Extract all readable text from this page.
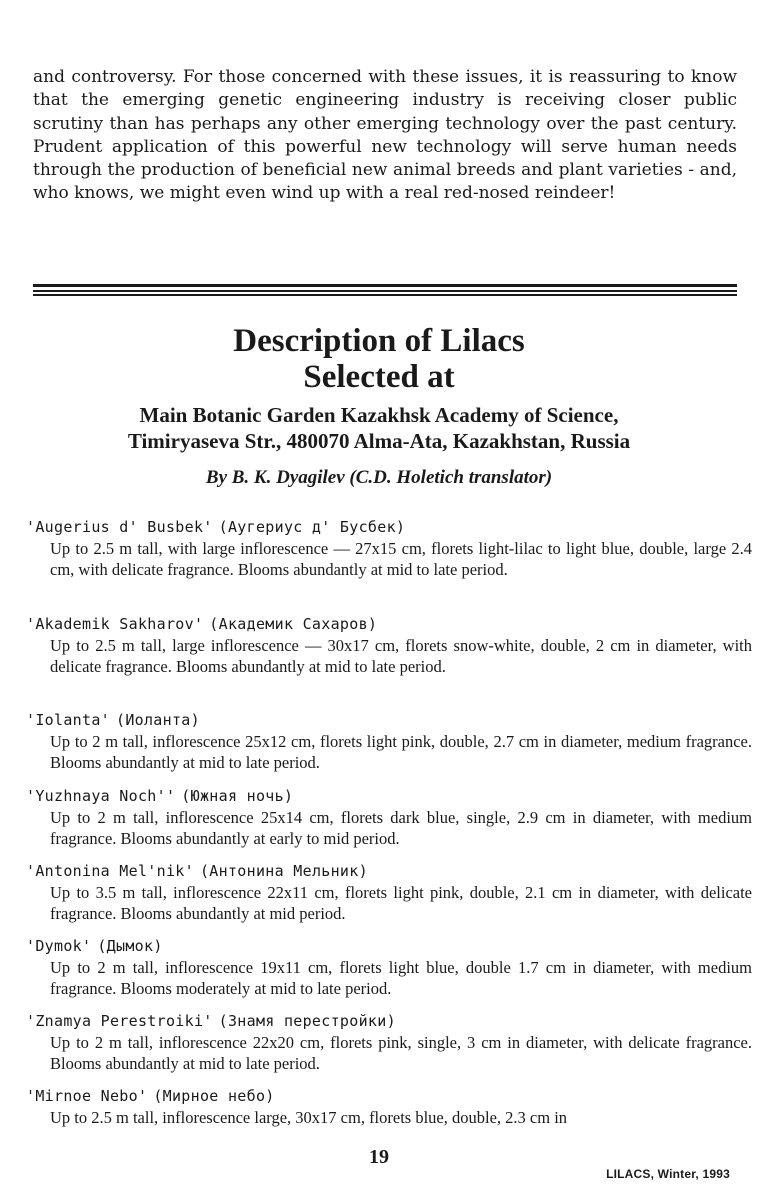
and controversy. For those concerned with these issues, it is reassuring to know that the emerging genetic engineering industry is receiving closer public scrutiny than has perhaps any other emerging technology over the past century. Prudent application of this powerful new technology will serve human needs through the production of beneficial new animal breeds and plant varieties - and, who knows, we might even wind up with a real red-nosed reindeer!

Description of Lilacs
Selected at
Main Botanic Garden Kazakhsk Academy of Science,
Timiryaseva Str., 480070 Alma-Ata, Kazakhstan, Russia

By B. K. Dyagilev (C.D. Holetich translator)

'Augerius d' Busbek' (Аугериус д' Бусбек)
Up to 2.5 m tall, with large inflorescence — 27x15 cm, florets light-lilac to light blue, double, large 2.4 cm, with delicate fragrance. Blooms abundantly at mid to late period.
'Akademik Sakharov' (Академик Сахаров)
Up to 2.5 m tall, large inflorescence — 30x17 cm, florets snow-white, double, 2 cm in diameter, with delicate fragrance. Blooms abundantly at mid to late period.
'Iolanta' (Иоланта)
Up to 2 m tall, inflorescence 25x12 cm, florets light pink, double, 2.7 cm in diameter, medium fragrance. Blooms abundantly at mid to late period.
'Yuzhnaya Noch'' (Южная ночь)
Up to 2 m tall, inflorescence 25x14 cm, florets dark blue, single, 2.9 cm in diameter, with medium fragrance. Blooms abundantly at early to mid period.
'Antonina Mel'nik' (Антонина Мельник)
Up to 3.5 m tall, inflorescence 22x11 cm, florets light pink, double, 2.1 cm in diameter, with delicate fragrance. Blooms abundantly at mid period.
'Dymok' (Дымок)
Up to 2 m tall, inflorescence 19x11 cm, florets light blue, double 1.7 cm in diameter, with medium fragrance. Blooms moderately at mid to late period.
'Znamya Perestroiki' (Знамя перестройки)
Up to 2 m tall, inflorescence 22x20 cm, florets pink, single, 3 cm in diameter, with delicate fragrance. Blooms abundantly at mid to late period.
'Mirnoe Nebo' (Мирное небо)
Up to 2.5 m tall, inflorescence large, 30x17 cm, florets blue, double, 2.3 cm in
19
LILACS, Winter, 1993
